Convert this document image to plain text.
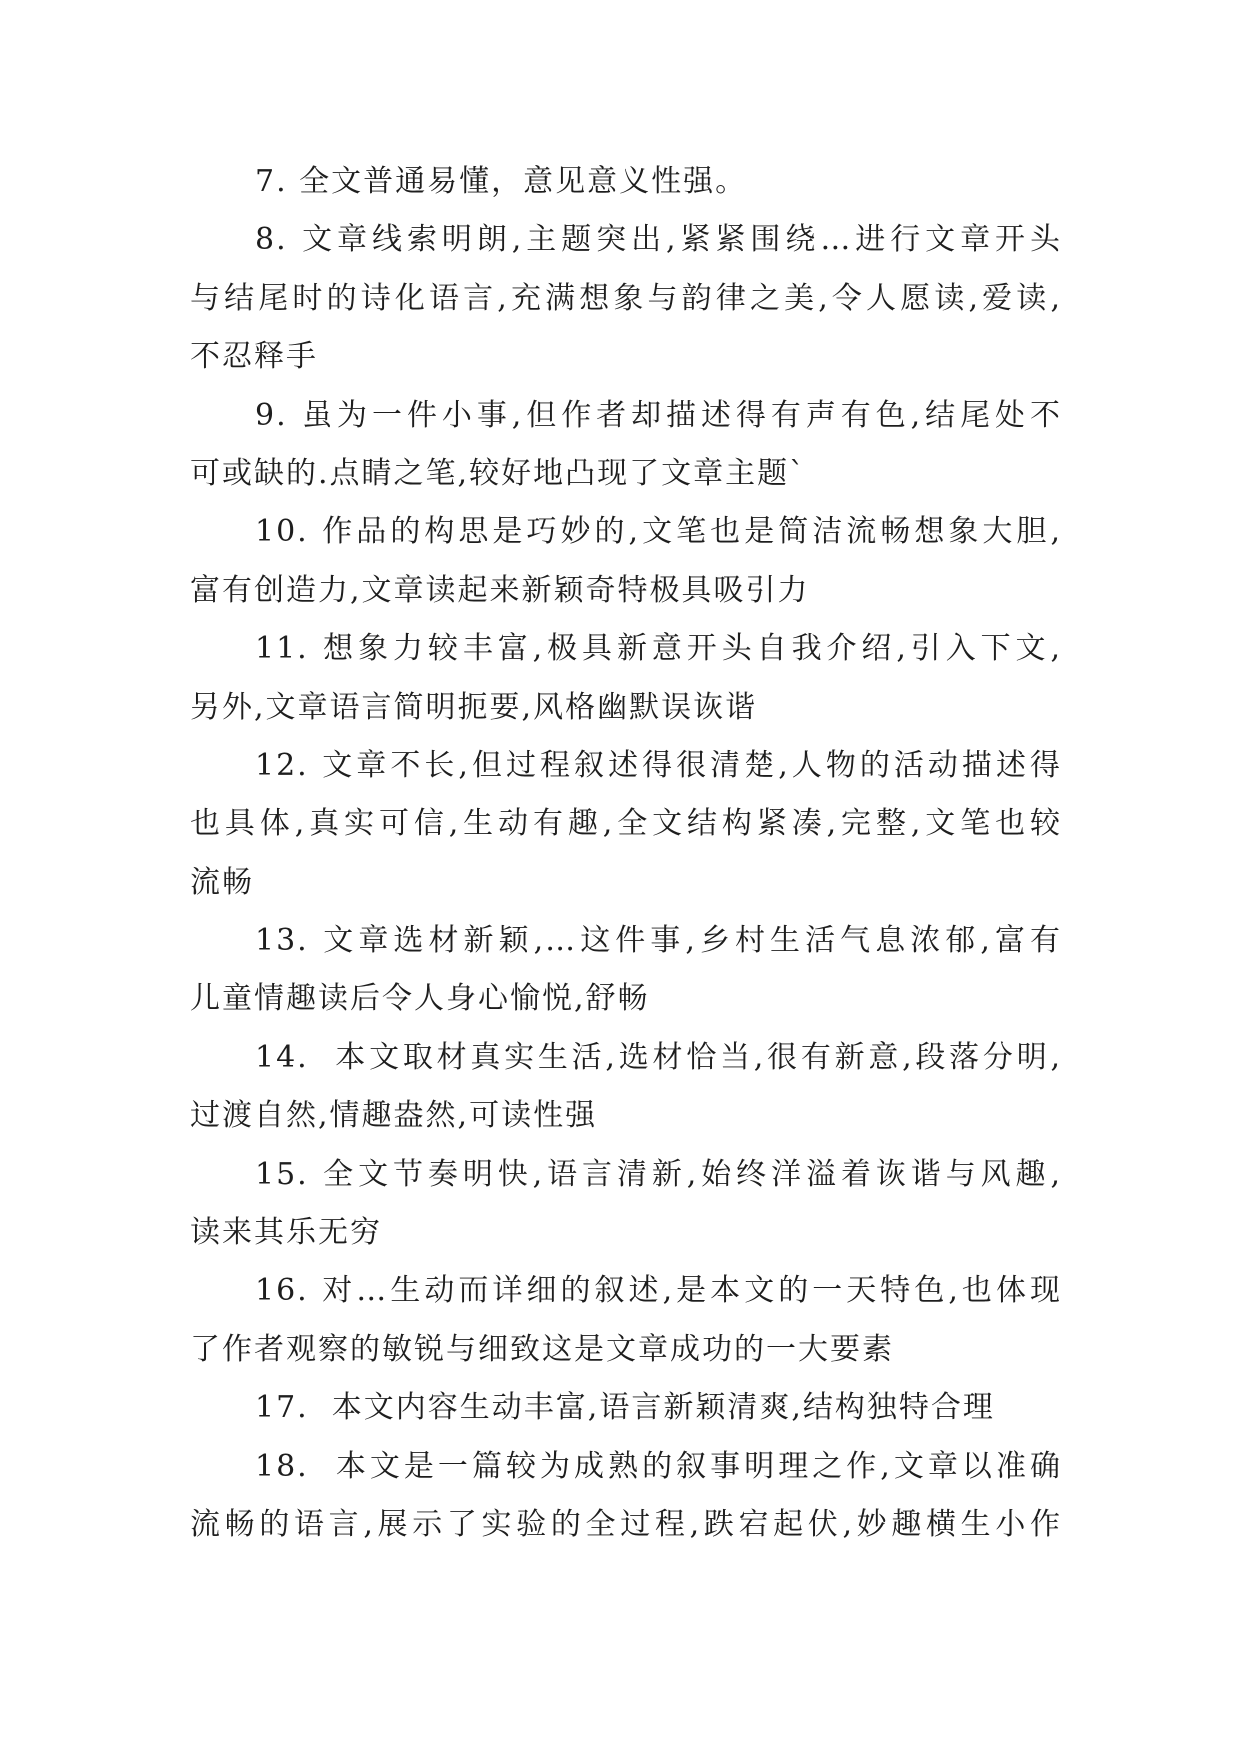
7. 全文普通易懂，意见意义性强。
8. 文章线索明朗,主题突出,紧紧围绕…进行文章开头
与结尾时的诗化语言,充满想象与韵律之美,令人愿读,爱读,
不忍释手
9. 虽为一件小事,但作者却描述得有声有色,结尾处不
可或缺的.点睛之笔,较好地凸现了文章主题`
10. 作品的构思是巧妙的,文笔也是简洁流畅想象大胆,
富有创造力,文章读起来新颖奇特极具吸引力
11. 想象力较丰富,极具新意开头自我介绍,引入下文,
另外,文章语言简明扼要,风格幽默误诙谐
12. 文章不长,但过程叙述得很清楚,人物的活动描述得
也具体,真实可信,生动有趣,全文结构紧凑,完整,文笔也较
流畅
13. 文章选材新颖,…这件事,乡村生活气息浓郁,富有
儿童情趣读后令人身心愉悦,舒畅
14.  本文取材真实生活,选材恰当,很有新意,段落分明,
过渡自然,情趣盎然,可读性强
15. 全文节奏明快,语言清新,始终洋溢着诙谐与风趣,
读来其乐无穷
16. 对…生动而详细的叙述,是本文的一天特色,也体现
了作者观察的敏锐与细致这是文章成功的一大要素
17.  本文内容生动丰富,语言新颖清爽,结构独特合理
18.  本文是一篇较为成熟的叙事明理之作,文章以准确
流畅的语言,展示了实验的全过程,跌宕起伏,妙趣横生小作
